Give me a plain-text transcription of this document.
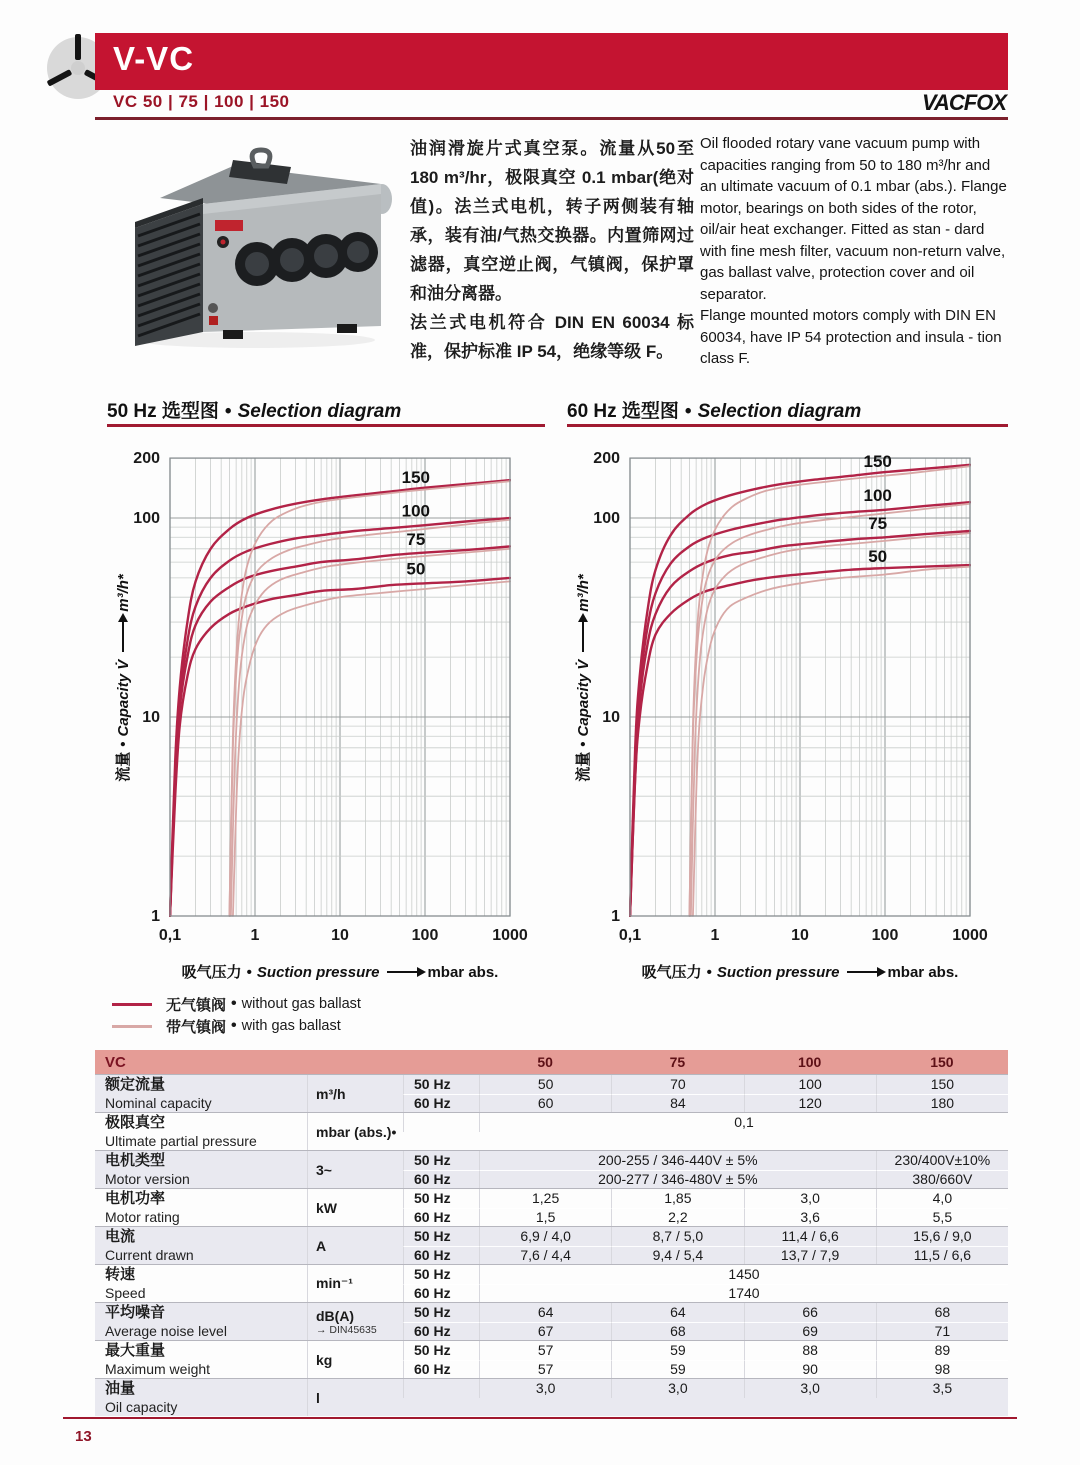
V-VC
VC 50 | 75 | 100 | 150	VACFOX

油润滑旋片式真空泵。流量从50至180 m³/hr，极限真空 0.1 mbar(绝对值)。法兰式电机，转子两侧装有轴承，装有油/气热交换器。内置筛网过滤器，真空逆止阀，气镇阀，保护罩和油分离器。

法兰式电机符合 DIN EN 60034 标准，保护标准 IP 54，绝缘等级 F。

Oil flooded rotary vane vacuum pump with capacities ranging from 50 to 180 m³/hr and an ultimate vacuum of 0.1 mbar (abs.). Flange motor, bearings on both sides of the rotor, oil/air heat exchanger. Fitted as stan - dard with fine mesh filter, vacuum non-return valve, gas ballast valve, protection cover and oil separator.

Flange mounted motors comply with DIN EN 60034, have IP 54 protection and insula - tion class F.

50 Hz 选型图 • Selection diagram	60 Hz 选型图 • Selection diagram
150
100
75
50
1
10
100
200
0,1	1	10	100	1000
150
100
75
50
1
10
100
200
0,1	1	10	100	1000
流量•Capacity V̇m³/h*
流量•Capacity V̇m³/h*
吸气压力 • Suction pressure	mbar abs.	吸气压力 • Suction pressure	mbar abs.
无气镇阀 • without gas ballast
带气镇阀 • with gas ballast
VC	50	75	100	150
额定流量
Nominal capacity
m³/h
50 Hz	50	70	100	150
60 Hz	60	84	120	180
极限真空
Ultimate partial pressure
mbar (abs.)•
0,1
电机类型
Motor version
3~
50 Hz	200-255 / 346-440V ± 5%	230/400V±10%
60 Hz	200-277 / 346-480V ± 5%	380/660V
电机功率
Motor rating
kW
50 Hz	1,25	1,85	3,0	4,0
60 Hz	1,5	2,2	3,6	5,5
电流
Current drawn
A
50 Hz	6,9 / 4,0	8,7 / 5,0	11,4 / 6,6	15,6 / 9,0
60 Hz	7,6 / 4,4	9,4 / 5,4	13,7 / 7,9	11,5 / 6,6
转速
Speed
min⁻¹
50 Hz	1450
60 Hz	1740
平均噪音
Average noise level
dB(A)
→ DIN45635
50 Hz	64	64	66	68
60 Hz	67	68	69	71
最大重量
Maximum weight
kg
50 Hz	57	59	88	89
60 Hz	57	59	90	98
油量
Oil capacity
l
3,0	3,0	3,0	3,5
13
